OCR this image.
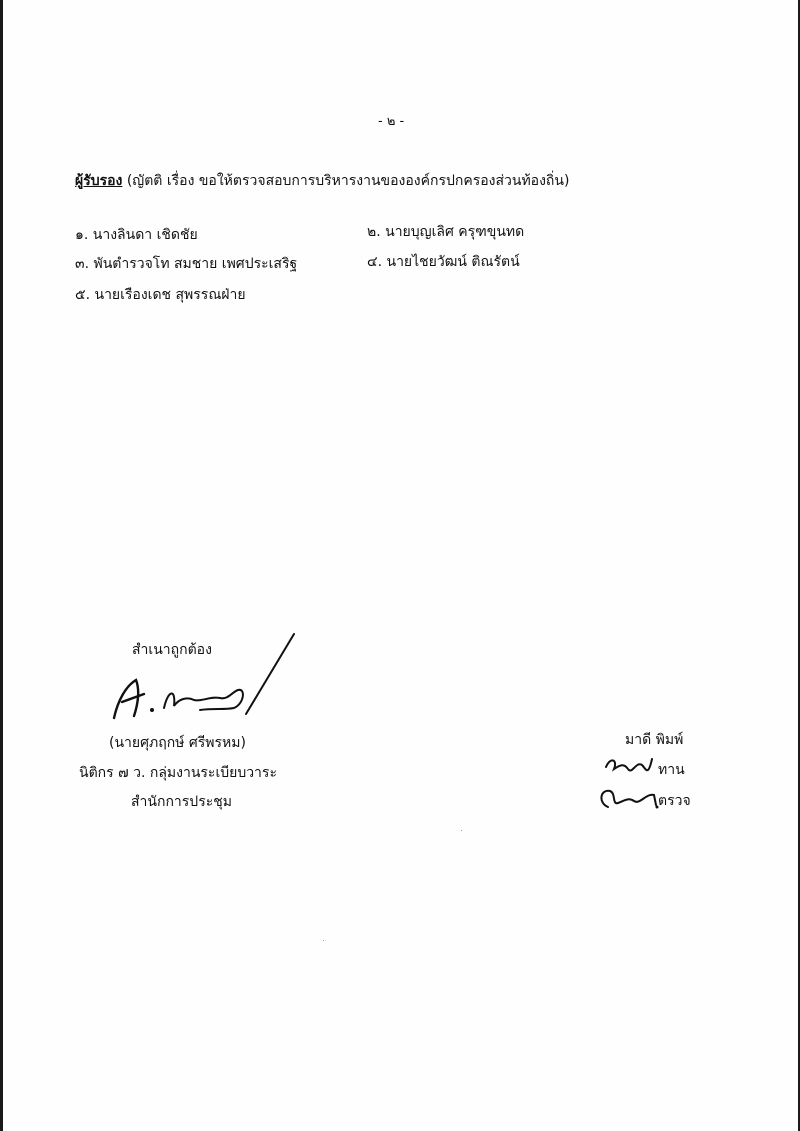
- ๒ -
ผู้รับรอง (ญัตติ เรื่อง ขอให้ตรวจสอบการบริหารงานขององค์กรปกครองส่วนท้องถิ่น)
๑. นางลินดา เชิดชัย	๒. นายบุญเลิศ ครุฑขุนทด
๓. พันตำรวจโท สมชาย เพศประเสริฐ	๔. นายไชยวัฒน์ ติณรัตน์
๕. นายเรืองเดช สุพรรณฝ่าย
สำเนาถูกต้อง
(นายศุภฤกษ์ ศรีพรหม)
นิติกร ๗ ว. กลุ่มงานระเบียบวาระ
สำนักการประชุม
มาดี พิมพ์
ทาน
ตรวจ
